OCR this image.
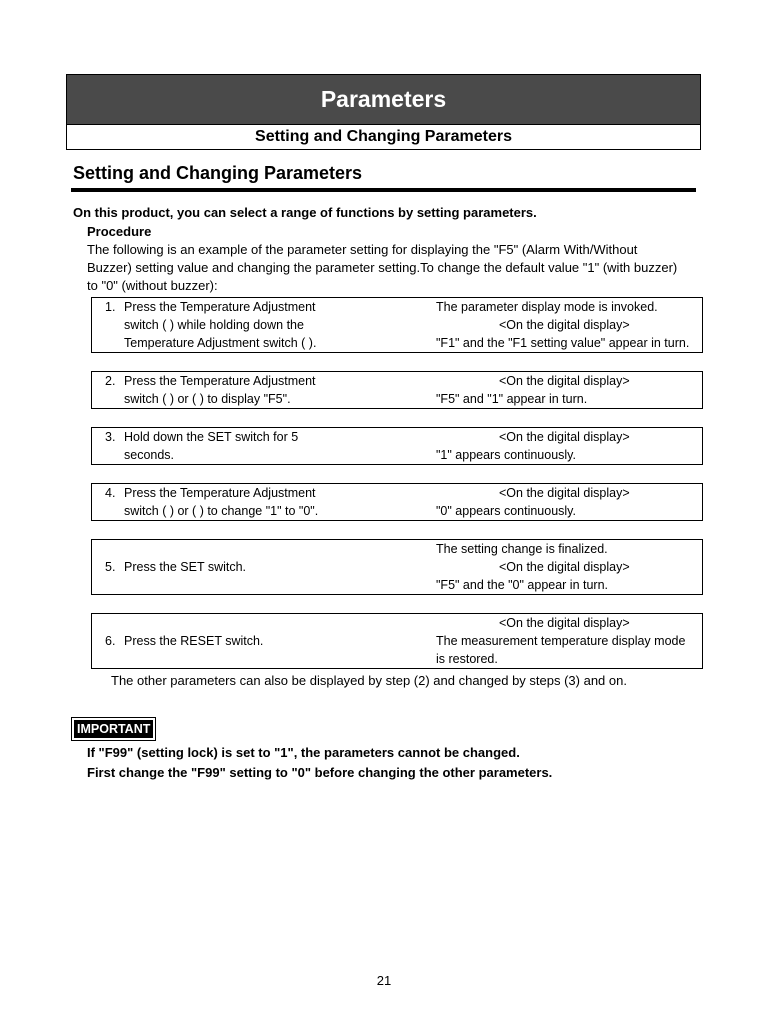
Parameters
Setting and Changing Parameters
Setting and Changing Parameters
On this product, you can select a range of functions by setting parameters.
Procedure
The following is an example of the parameter setting for displaying the "F5" (Alarm With/Without
Buzzer) setting value and changing the parameter setting.To change the default value "1" (with buzzer)
to "0" (without buzzer):
1. Press the Temperature Adjustment
switch ( ) while holding down the
Temperature Adjustment switch ( ).
The parameter display mode is invoked.
<On the digital display>
"F1" and the "F1 setting value" appear in turn.
2. Press the Temperature Adjustment
switch ( ) or ( ) to display "F5".
<On the digital display>
"F5" and "1" appear in turn.
3. Hold down the SET switch for 5
seconds.
<On the digital display>
"1" appears continuously.
4. Press the Temperature Adjustment
switch ( ) or ( ) to change "1" to "0".
<On the digital display>
"0" appears continuously.
5. Press the SET switch.
The setting change is finalized.
<On the digital display>
"F5" and the "0" appear in turn.
6. Press the RESET switch.
<On the digital display>
The measurement temperature display mode
is restored.
The other parameters can also be displayed by step (2) and changed by steps (3) and on.
IMPORTANT
If "F99" (setting lock) is set to "1", the parameters cannot be changed.
First change the "F99" setting to "0" before changing the other parameters.
21
